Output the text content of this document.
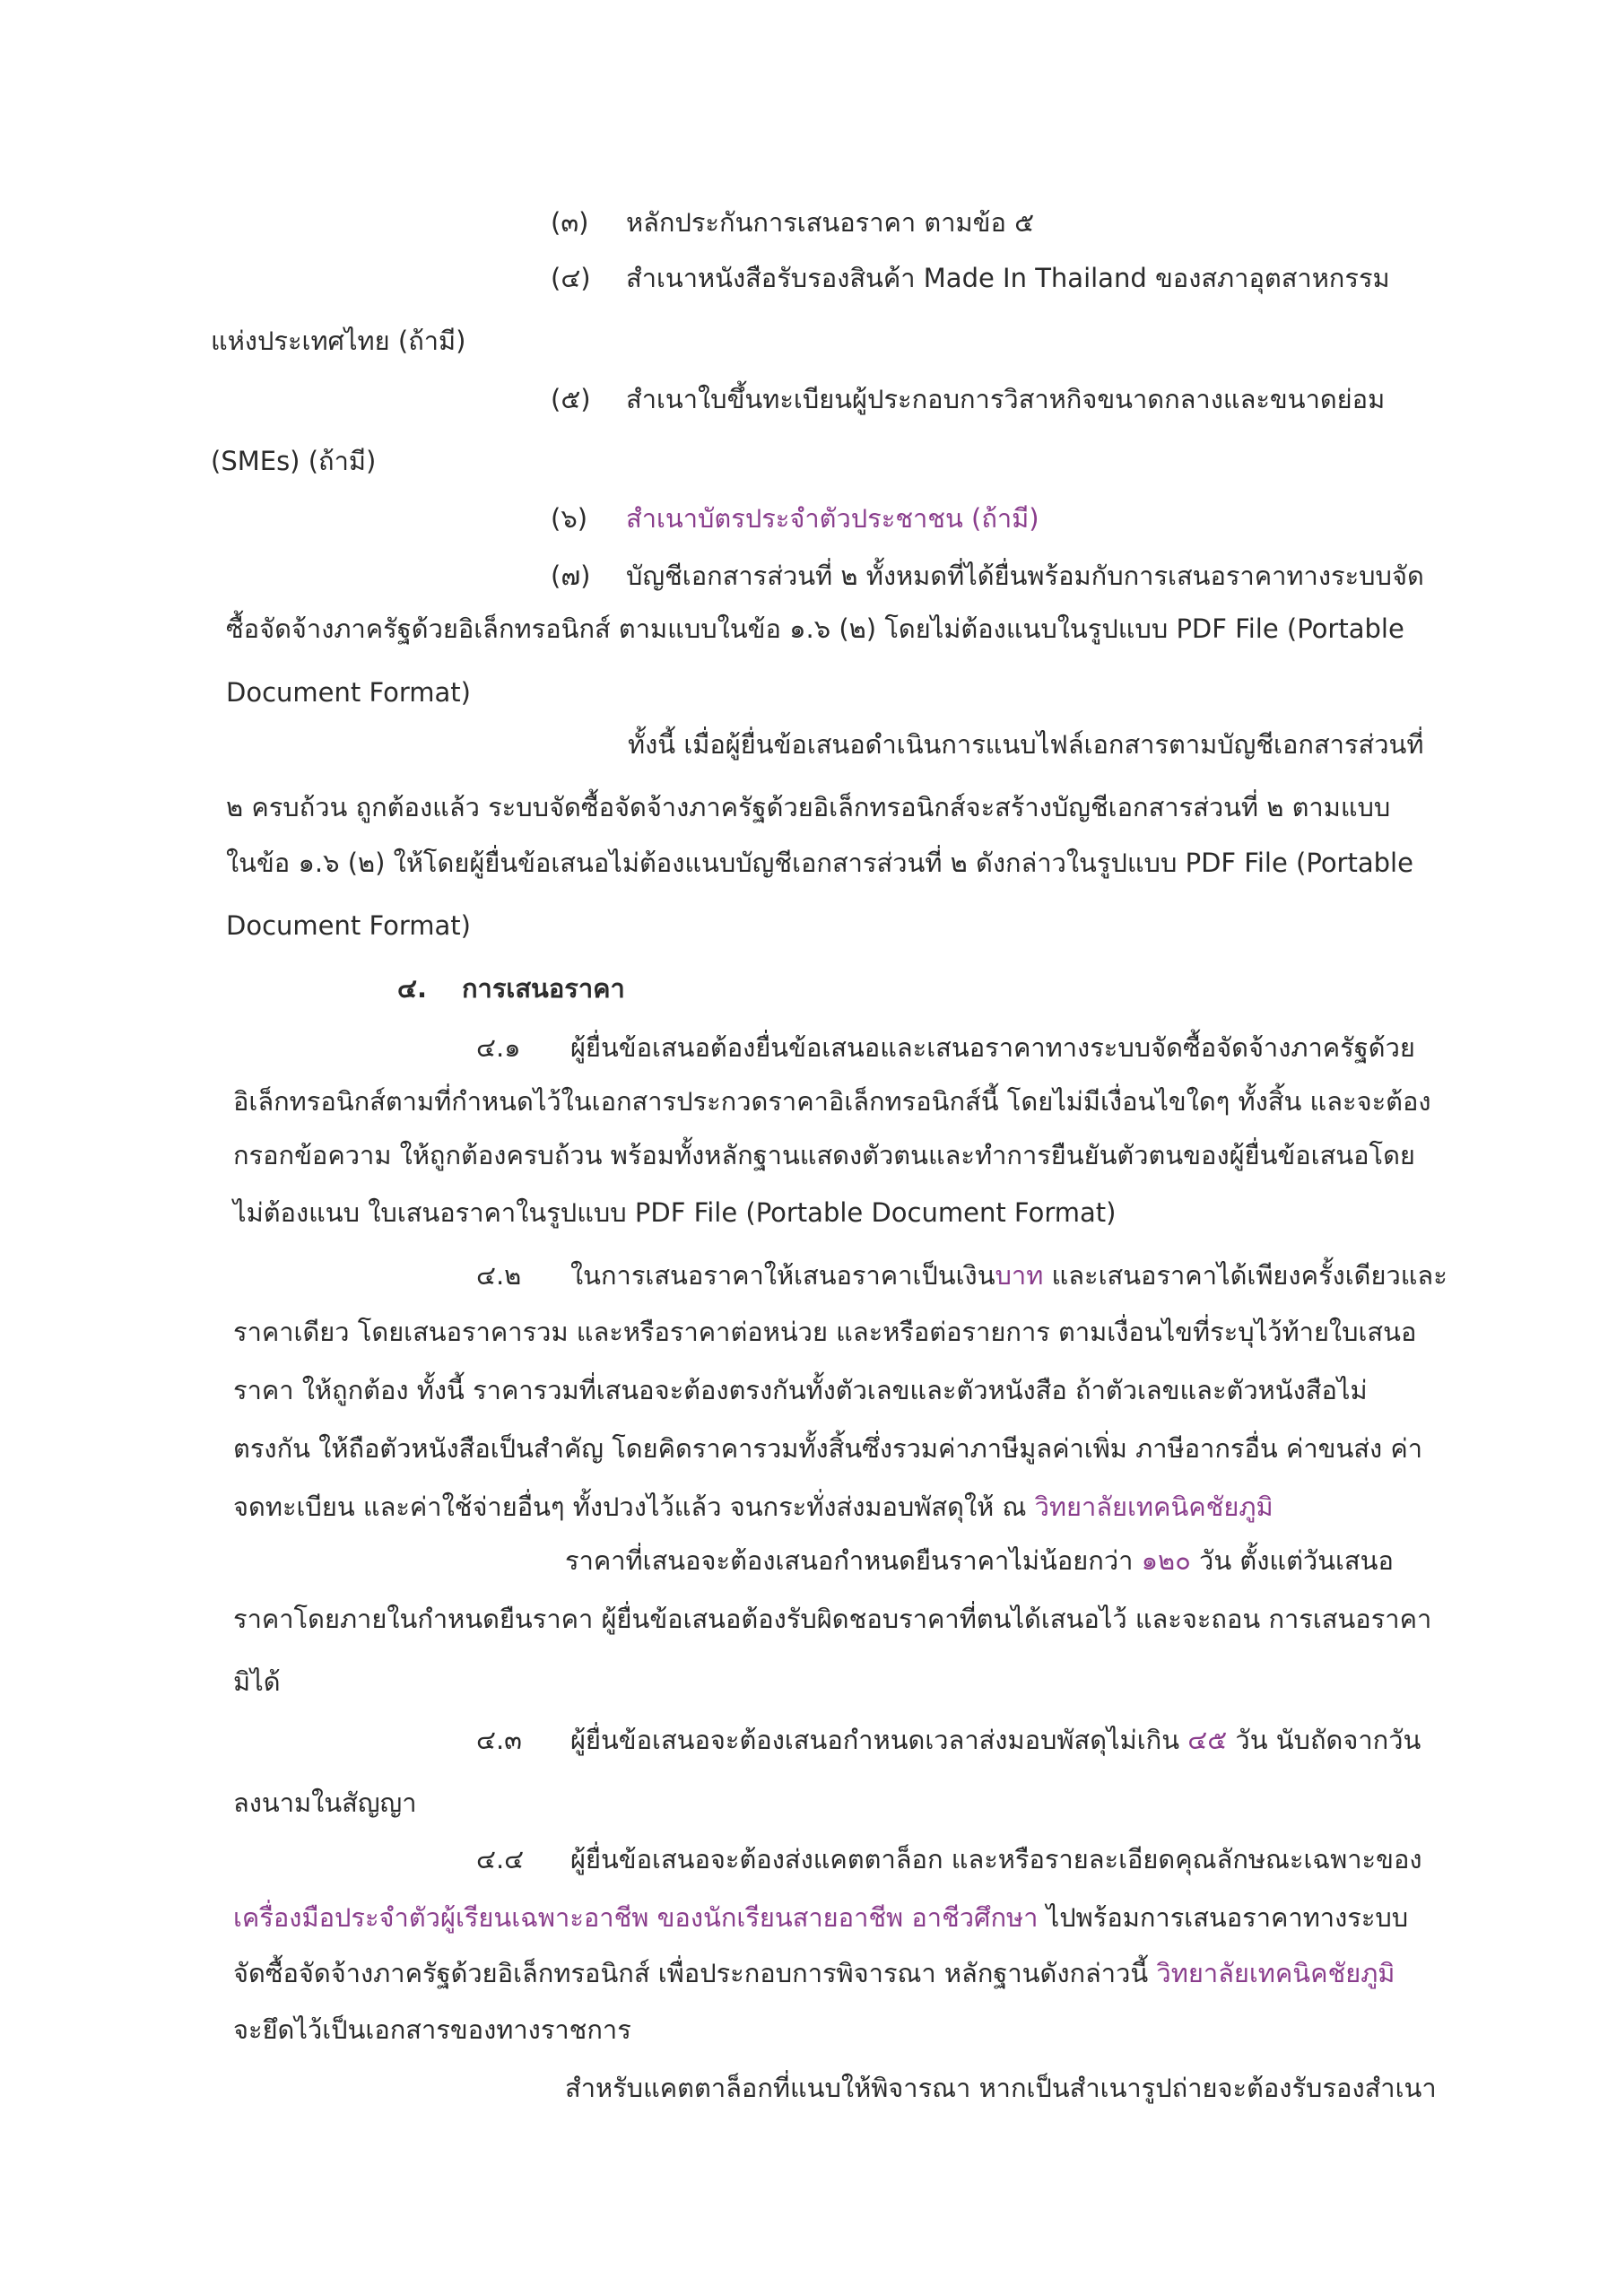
(๓) หลักประกันการเสนอราคา ตามข้อ ๕
(๔) สำเนาหนังสือรับรองสินค้า Made In Thailand ของสภาอุตสาหกรรม
แห่งประเทศไทย (ถ้ามี)
(๕) สำเนาใบขึ้นทะเบียนผู้ประกอบการวิสาหกิจขนาดกลางและขนาดย่อม
(SMEs) (ถ้ามี)
(๖) สำเนาบัตรประจำตัวประชาชน (ถ้ามี)
(๗) บัญชีเอกสารส่วนที่ ๒ ทั้งหมดที่ได้ยื่นพร้อมกับการเสนอราคาทางระบบจัด
ซื้อจัดจ้างภาครัฐด้วยอิเล็กทรอนิกส์ ตามแบบในข้อ ๑.๖ (๒) โดยไม่ต้องแนบในรูปแบบ PDF File (Portable
Document Format)
ทั้งนี้ เมื่อผู้ยื่นข้อเสนอดำเนินการแนบไฟล์เอกสารตามบัญชีเอกสารส่วนที่
๒ ครบถ้วน ถูกต้องแล้ว ระบบจัดซื้อจัดจ้างภาครัฐด้วยอิเล็กทรอนิกส์จะสร้างบัญชีเอกสารส่วนที่ ๒ ตามแบบ
ในข้อ ๑.๖ (๒) ให้โดยผู้ยื่นข้อเสนอไม่ต้องแนบบัญชีเอกสารส่วนที่ ๒ ดังกล่าวในรูปแบบ PDF File (Portable
Document Format)
๔. การเสนอราคา
๔.๑ ผู้ยื่นข้อเสนอต้องยื่นข้อเสนอและเสนอราคาทางระบบจัดซื้อจัดจ้างภาครัฐด้วย
อิเล็กทรอนิกส์ตามที่กำหนดไว้ในเอกสารประกวดราคาอิเล็กทรอนิกส์นี้ โดยไม่มีเงื่อนไขใดๆ ทั้งสิ้น และจะต้อง
กรอกข้อความ ให้ถูกต้องครบถ้วน พร้อมทั้งหลักฐานแสดงตัวตนและทำการยืนยันตัวตนของผู้ยื่นข้อเสนอโดย
ไม่ต้องแนบ ใบเสนอราคาในรูปแบบ PDF File (Portable Document Format)
๔.๒ ในการเสนอราคาให้เสนอราคาเป็นเงินบาท และเสนอราคาได้เพียงครั้งเดียวและ
ราคาเดียว โดยเสนอราคารวม และหรือราคาต่อหน่วย และหรือต่อรายการ ตามเงื่อนไขที่ระบุไว้ท้ายใบเสนอ
ราคา ให้ถูกต้อง ทั้งนี้ ราคารวมที่เสนอจะต้องตรงกันทั้งตัวเลขและตัวหนังสือ ถ้าตัวเลขและตัวหนังสือไม่
ตรงกัน ให้ถือตัวหนังสือเป็นสำคัญ โดยคิดราคารวมทั้งสิ้นซึ่งรวมค่าภาษีมูลค่าเพิ่ม ภาษีอากรอื่น ค่าขนส่ง ค่า
จดทะเบียน และค่าใช้จ่ายอื่นๆ ทั้งปวงไว้แล้ว จนกระทั่งส่งมอบพัสดุให้ ณ วิทยาลัยเทคนิคชัยภูมิ
ราคาที่เสนอจะต้องเสนอกำหนดยืนราคาไม่น้อยกว่า ๑๒๐ วัน ตั้งแต่วันเสนอ
ราคาโดยภายในกำหนดยืนราคา ผู้ยื่นข้อเสนอต้องรับผิดชอบราคาที่ตนได้เสนอไว้ และจะถอน การเสนอราคา
มิได้
๔.๓ ผู้ยื่นข้อเสนอจะต้องเสนอกำหนดเวลาส่งมอบพัสดุไม่เกิน ๔๕ วัน นับถัดจากวัน
ลงนามในสัญญา
๔.๔ ผู้ยื่นข้อเสนอจะต้องส่งแคตตาล็อก และหรือรายละเอียดคุณลักษณะเฉพาะของ
เครื่องมือประจำตัวผู้เรียนเฉพาะอาชีพ ของนักเรียนสายอาชีพ อาชีวศึกษา ไปพร้อมการเสนอราคาทางระบบ
จัดซื้อจัดจ้างภาครัฐด้วยอิเล็กทรอนิกส์ เพื่อประกอบการพิจารณา หลักฐานดังกล่าวนี้ วิทยาลัยเทคนิคชัยภูมิ
จะยึดไว้เป็นเอกสารของทางราชการ
สำหรับแคตตาล็อกที่แนบให้พิจารณา หากเป็นสำเนารูปถ่ายจะต้องรับรองสำเนา
